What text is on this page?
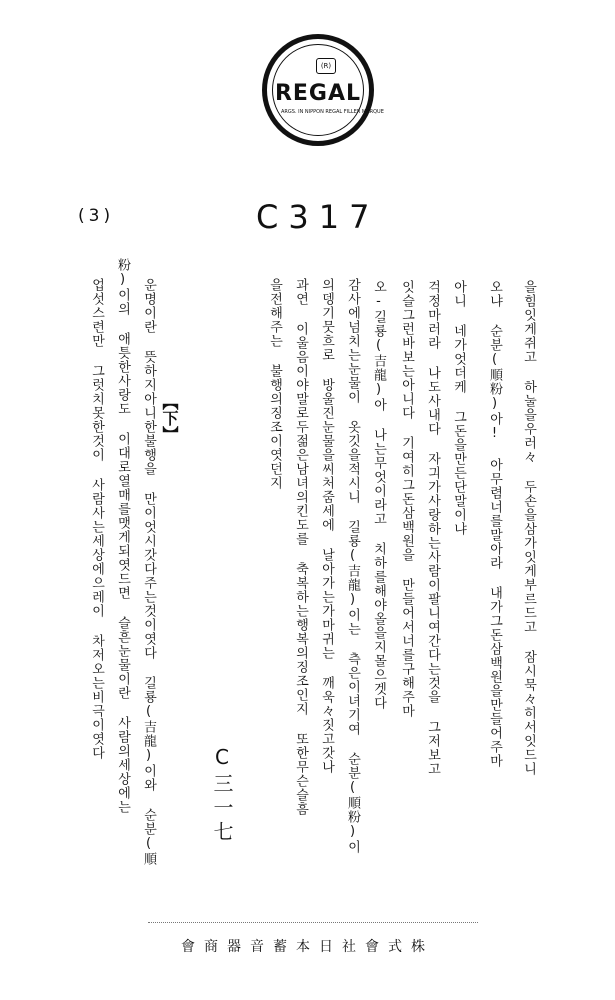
(R)
REGAL
ARGS. IN NIPPON REGAL FILLER MARQUE
(3)	C317
을힘잇게쥐고 하눌을우러々 두손을삼가잇게부르드고 잠시묵々히서잇드니
오냐 순분(順粉)아! 아무렴너를말아라 내가그돈삼백원을만들어주마
아니 네가엇더케 그돈을만든단말이냐
걱정마러라 나도사내다 자긔가사랑하는사람이팔니여간다는것을 그저보고
잇슬그런바보는아니다 기여히그돈삼백원을 만들어서너를구해주마
오-길룡(吉龍)아 나는무엇이라고 치하를해야올을지몰으겟다
감사에넘치는눈물이 옷깃을적시니 길룡(吉龍)이는 측은이녀기여 순분(順粉)이
의뎅기뭇흐로 방울진눈물을씨처줌세에 날아가는가마귀는 깨욱々짓고갓나
과연 이울음이야말로두젊은남녀의킨도를 축복하는행복의징조인지 또한무슨슬흠
을전해주는 불행의징조이엿던지
C三一七
【下】
운명이란 뜻하지아니한불행을 만이엇시갓다주는것이엿다 길룡(吉龍)이와 순분(順
粉)이의 애틋한사랑도 이대로열매를맷게되엿드면 슬흔눈물이란 사람의세상에는
업섯스련만 그럿치못한것이 사람사는세상에으레이 차저오는비극이엿다
會商器音蓄本日社會式株
